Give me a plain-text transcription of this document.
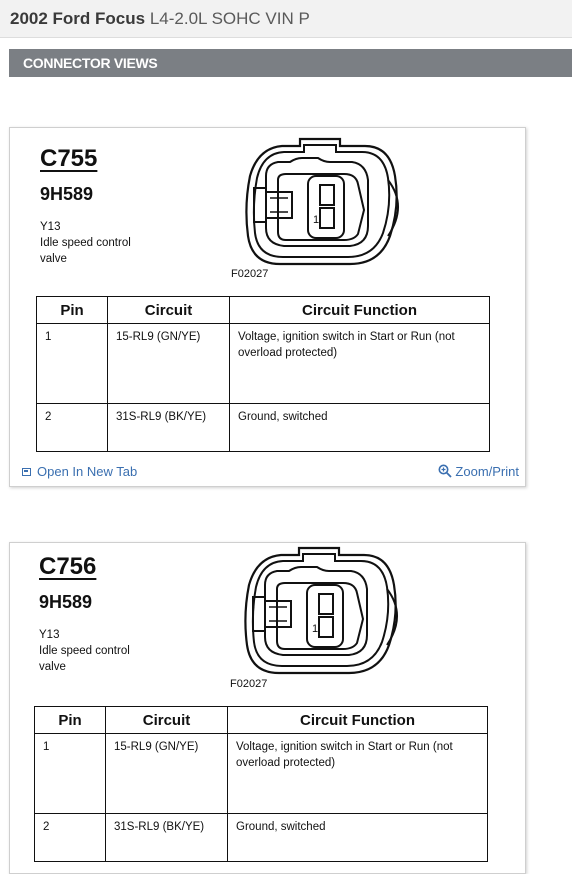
2002 Ford Focus L4-2.0L SOHC VIN P
CONNECTOR VIEWS
C755
9H589
Y13
Idle speed control
valve
1
F02027
Pin	Circuit	Circuit Function
1	15-RL9 (GN/YE)	Voltage, ignition switch in Start or Run (not overload protected)
2	31S-RL9 (BK/YE)	Ground, switched
Open In New Tab	Zoom/Print
C756
9H589
Y13
Idle speed control
valve
1
F02027
Pin	Circuit	Circuit Function
1	15-RL9 (GN/YE)	Voltage, ignition switch in Start or Run (not overload protected)
2	31S-RL9 (BK/YE)	Ground, switched
